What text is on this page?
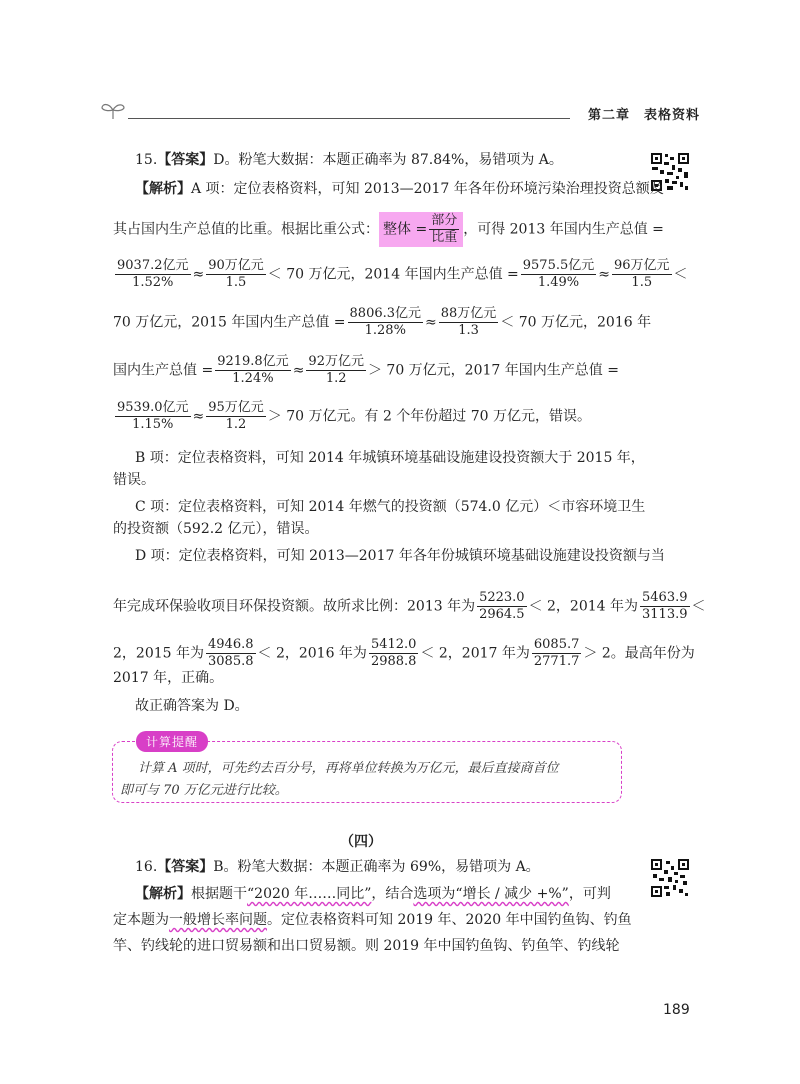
第二章 表格资料
15.【答案】D。粉笔大数据：本题正确率为 87.84%，易错项为 A。
【解析】A 项：定位表格资料，可知 2013—2017 年各年份环境污染治理投资总额及
其占国内生产总值的比重。根据比重公式： 整体 = $\frac{\text{部分}}{\text{比重}}$ ，可得 2013 年国内生产总值 =
$\frac{\text{9037.2亿元}}{1.52\%} \approx \frac{\text{90万亿元}}{1.5} < 70$ 万亿元，2014 年国内生产总值 = $\frac{\text{9575.5亿元}}{1.49\%} \approx \frac{\text{96万亿元}}{1.5}$ ＜
70 万亿元，2015 年国内生产总值 = $\frac{\text{8806.3亿元}}{1.28\%} \approx \frac{\text{88万亿元}}{1.3} < 70$ 万亿元，2016 年
国内生产总值 = $\frac{\text{9219.8亿元}}{1.24\%} \approx \frac{\text{92万亿元}}{1.2} > 70$ 万亿元，2017 年国内生产总值 =
$\frac{\text{9539.0亿元}}{1.15\%} \approx \frac{\text{95万亿元}}{1.2} > 70$ 万亿元。有 2 个年份超过 70 万亿元，错误。
B 项：定位表格资料，可知 2014 年城镇环境基础设施建设投资额大于 2015 年，
错误。
C 项：定位表格资料，可知 2014 年燃气的投资额（574.0 亿元）＜市容环境卫生
的投资额（592.2 亿元），错误。
D 项：定位表格资料，可知 2013—2017 年各年份城镇环境基础设施建设投资额与当
年完成环保验收项目环保投资额。故所求比例：2013 年为 $\frac{5223.0}{2964.5} < 2$，2014 年为 $\frac{5463.9}{3113.9}$ ＜
2，2015 年为 $\frac{4946.8}{3085.8} < 2$，2016 年为 $\frac{5412.0}{2988.8} < 2$，2017 年为 $\frac{6085.7}{2771.7} > 2$。最高年份为
2017 年，正确。
故正确答案为 D。
计算提醒
计算 A 项时，可先约去百分号，再将单位转换为万亿元，最后直接商首位
即可与 70 万亿元进行比较。
（四）
16.【答案】B。粉笔大数据：本题正确率为 69%，易错项为 A。
【解析】根据题干“2020 年……同比”，结合选项为“增长 / 减少 +%”，可判
定本题为一般增长率问题。定位表格资料可知 2019 年、2020 年中国钓鱼钩、钓鱼
竿、钓线轮的进口贸易额和出口贸易额。则 2019 年中国钓鱼钩、钓鱼竿、钓线轮
189
